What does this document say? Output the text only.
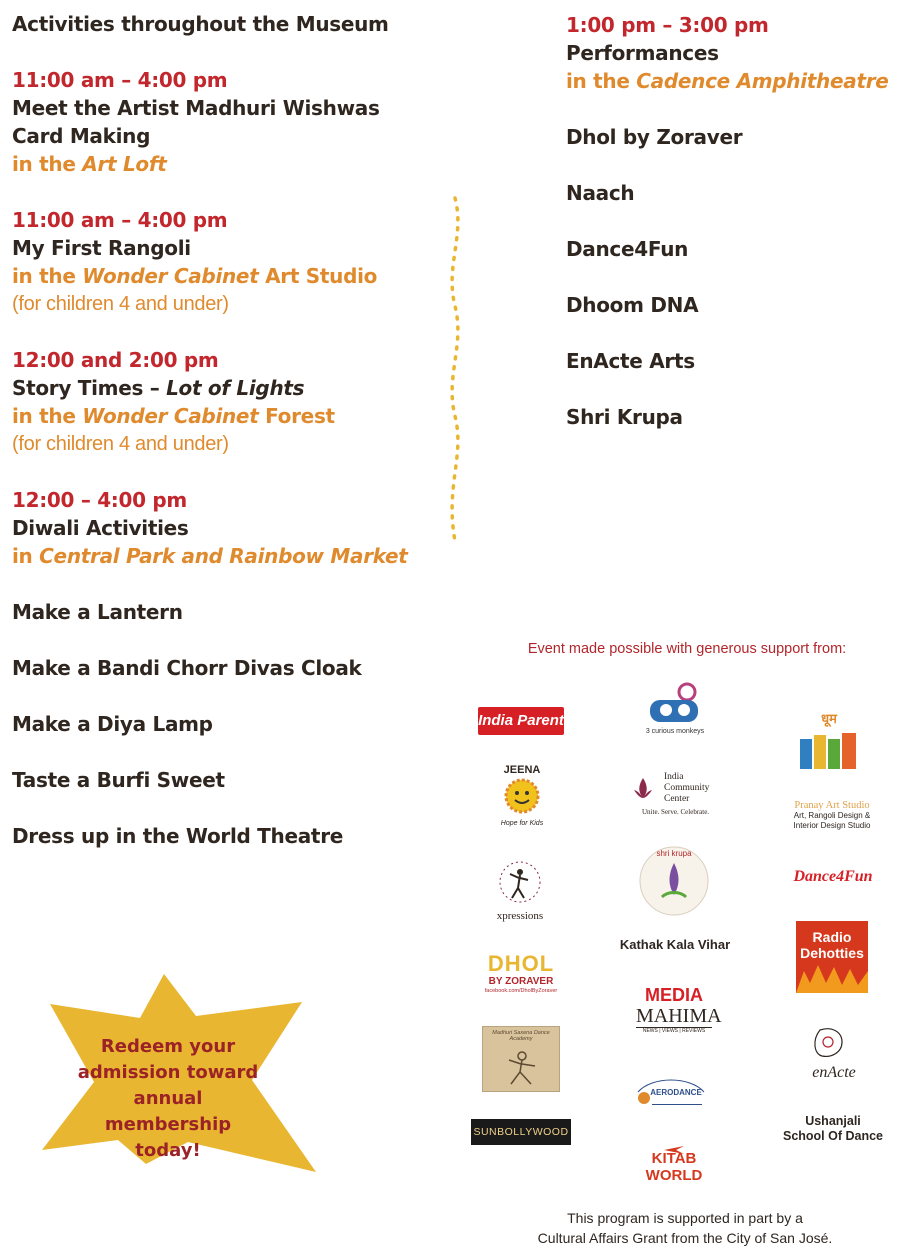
Activities throughout the Museum
11:00 am – 4:00 pm
Meet the Artist Madhuri Wishwas
Card Making
in the Art Loft
11:00 am – 4:00 pm
My First Rangoli
in the Wonder Cabinet Art Studio
(for children 4 and under)
12:00 and 2:00 pm
Story Times – Lot of Lights
in the Wonder Cabinet Forest
(for children 4 and under)
12:00 – 4:00 pm
Diwali Activities
in Central Park and Rainbow Market
Make a Lantern
Make a Bandi Chorr Divas Cloak
Make a Diya Lamp
Taste a Burfi Sweet
Dress up in the World Theatre
1:00 pm – 3:00 pm
Performances
in the Cadence Amphitheatre
Dhol by Zoraver
Naach
Dance4Fun
Dhoom DNA
EnActe Arts
Shri Krupa
Event made possible with generous support from:
India Parent
3 curious monkeys
धूम
JEENA
Hope for Kids
India
Community
Center
Unite. Serve. Celebrate.
Pranay Art Studio
Art, Rangoli Design &
Interior Design Studio
xpressions
shri krupa
Dance4Fun
Kathak Kala Vihar
DHOL
BY ZORAVER
facebook.com/DholByZoraver
Radio
Dehotties
MEDIA
MAHIMA
NEWS | VIEWS | REVIEWS
Madhuri Saxena Dance Academy
enActe
AERODANCE
Ushanjali
School Of Dance
SUNBOLLYWOOD
KITAB WORLD
Redeem your
admission toward
annual membership
today!
This program is supported in part by a
Cultural Affairs Grant from the City of San José.
